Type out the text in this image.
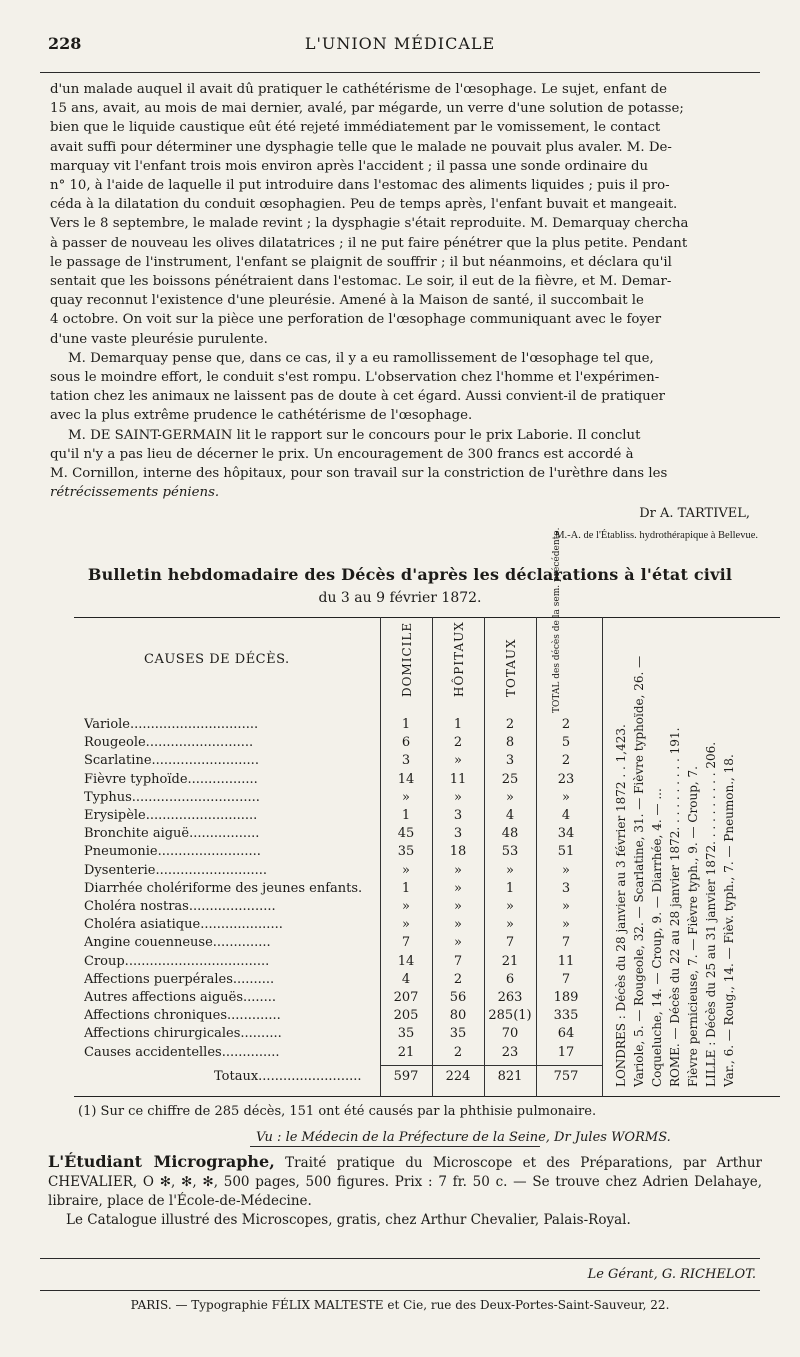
228	L'UNION MÉDICALE

d'un malade auquel il avait dû pratiquer le cathétérisme de l'œsophage. Le sujet, enfant de

15 ans, avait, au mois de mai dernier, avalé, par mégarde, un verre d'une solution de potasse;

bien que le liquide caustique eût été rejeté immédiatement par le vomissement, le contact

avait suffi pour déterminer une dysphagie telle que le malade ne pouvait plus avaler. M. De-

marquay vit l'enfant trois mois environ après l'accident ; il passa une sonde ordinaire du

n° 10, à l'aide de laquelle il put introduire dans l'estomac des aliments liquides ; puis il pro-

céda à la dilatation du conduit œsophagien. Peu de temps après, l'enfant buvait et mangeait.

Vers le 8 septembre, le malade revint ; la dysphagie s'était reproduite. M. Demarquay chercha

à passer de nouveau les olives dilatatrices ; il ne put faire pénétrer que la plus petite. Pendant

le passage de l'instrument, l'enfant se plaignit de souffrir ; il but néanmoins, et déclara qu'il

sentait que les boissons pénétraient dans l'estomac. Le soir, il eut de la fièvre, et M. Demar-

quay reconnut l'existence d'une pleurésie. Amené à la Maison de santé, il succombait le

4 octobre. On voit sur la pièce une perforation de l'œsophage communiquant avec le foyer

d'une vaste pleurésie purulente.

M. Demarquay pense que, dans ce cas, il y a eu ramollissement de l'œsophage tel que,

sous le moindre effort, le conduit s'est rompu. L'observation chez l'homme et l'expérimen-

tation chez les animaux ne laissent pas de doute à cet égard. Aussi convient-il de pratiquer

avec la plus extrême prudence le cathétérisme de l'œsophage.

M. DE SAINT-GERMAIN lit le rapport sur le concours pour le prix Laborie. Il conclut

qu'il n'y a pas lieu de décerner le prix. Un encouragement de 300 francs est accordé à

M. Cornillon, interne des hôpitaux, pour son travail sur la constriction de l'urèthre dans les

rétrécissements péniens.

Dr A. TARTIVEL,
M.-A. de l'Établiss. hydrothérapique à Bellevue.
Bulletin hebdomadaire des Décès d'après les déclarations à l'état civil
du 3 au 9 février 1872.
CAUSES DE DÉCÈS.	DOMICILE	HÔPITAUX	TOTAUX	TOTAL des décès de la sem. précédente.
Variole...............................	1	1	2	2
Rougeole..........................	6	2	8	5
Scarlatine..........................	3	»	3	2
Fièvre typhoïde.................	14	11	25	23
Typhus...............................	»	»	»	»
Erysipèle...........................	1	3	4	4
Bronchite aiguë.................	45	3	48	34
Pneumonie.........................	35	18	53	51
Dysenterie...........................	»	»	»	»
Diarrhée cholériforme des jeunes enfants.	1	»	1	3
Choléra nostras.....................	»	»	»	»
Choléra asiatique....................	»	»	»	»
Angine couenneuse..............	7	»	7	7
Croup...................................	14	7	21	11
Affections puerpérales..........	4	2	6	7
Autres affections aiguës........	207	56	263	189
Affections chroniques.............	205	80	285(1)	335
Affections chirurgicales..........	35	35	70	64
Causes accidentelles..............	21	2	23	17
Totaux.........................	597	224	821	757	LONDRES : Décès du 28 janvier au 3 février 1872 . . 1,423. Variole, 5. — Rougeole, 32. — Scarlatine, 31. — Fièvre typhoïde, 26. — Coqueluche, 14. — Croup, 9. — Diarrhée, 4. — ... ROME. — Décès du 22 au 28 janvier 1872. . . . . . . . . . 191. Fièvre pernicieuse, 7. — Fièvre typh., 9. — Croup, 7. LILLE : Décès du 25 au 31 janvier 1872. . . . . . . . . . 206. Var., 6. — Roug., 14. — Fièv. typh., 7. — Pneumon., 18.
(1) Sur ce chiffre de 285 décès, 151 ont été causés par la phthisie pulmonaire.
Vu : le Médecin de la Préfecture de la Seine, Dr Jules WORMS.
L'Étudiant Micrographe, Traité pratique du Microscope et des Préparations, par Arthur CHEVALIER, O ✻, ✻, ✻, 500 pages, 500 figures. Prix : 7 fr. 50 c. — Se trouve chez Adrien Delahaye, libraire, place de l'École-de-Médecine.
Le Catalogue illustré des Microscopes, gratis, chez Arthur Chevalier, Palais-Royal.
Le Gérant, G. RICHELOT.
PARIS. — Typographie FÉLIX MALTESTE et Cie, rue des Deux-Portes-Saint-Sauveur, 22.
